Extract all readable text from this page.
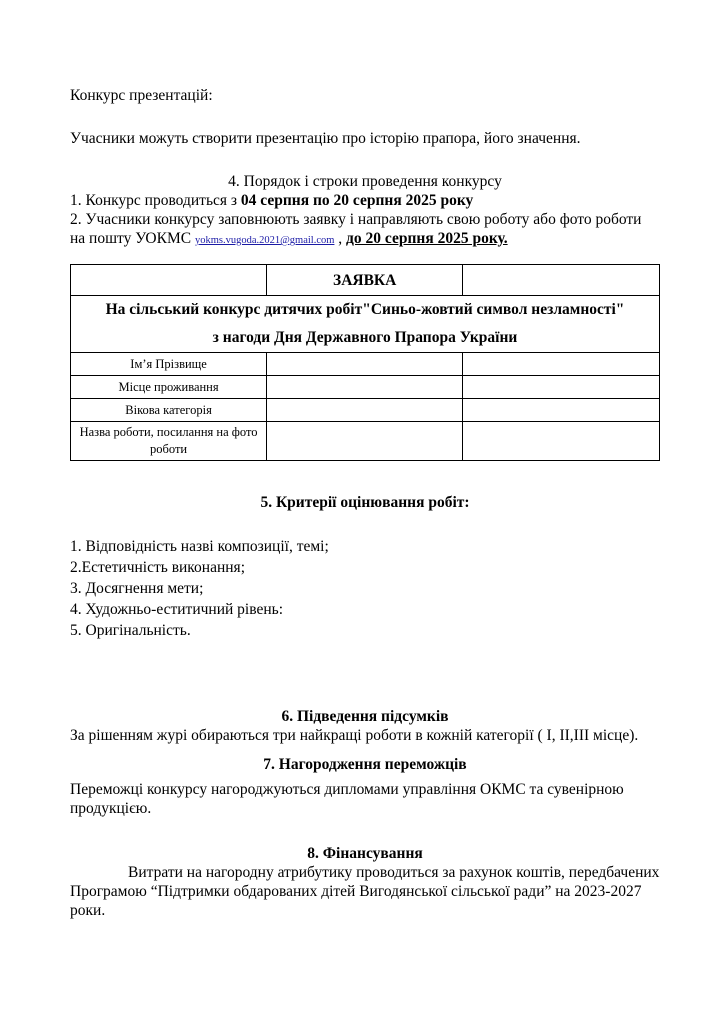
Конкурс презентацій:

Учасники можуть створити презентацію про історію прапора, його значення.

4. Порядок і строки проведення конкурсу

1. Конкурс проводиться з 04 серпня по 20 серпня 2025 року

2. Учасники конкурсу заповнюють заявку і направляють свою роботу або фото роботи на пошту УОКМС yokms.vugoda.2021@gmail.com , до 20 серпня 2025 року.

	ЗАЯВКА	

На сільський конкурс дитячих робіт"Синьо-жовтий символ незламності"
з нагоди Дня Державного Прапора України		

Ім’я Прізвище		
Місце проживання		
Вікова категорія		
Назва роботи, посилання на фото роботи		

5. Критерії оцінювання робіт:

1. Відповідність назві композиції, темі;

2.Естетичність виконання;

3. Досягнення мети;

4. Художньо-еститичний рівень:

5. Оригінальність.

6. Підведення підсумків

За рішенням журі обираються три найкращі роботи в кожній категорії ( І, ІІ,ІІІ місце).

7. Нагородження переможців

Переможці конкурсу нагороджуються дипломами управління ОКМС та сувенірною продукцією.

8. Фінансування

Витрати на нагородну атрибутику проводиться за рахунок коштів, передбачених Програмою “Підтримки обдарованих дітей Вигодянської сільської ради” на 2023-2027 роки.
